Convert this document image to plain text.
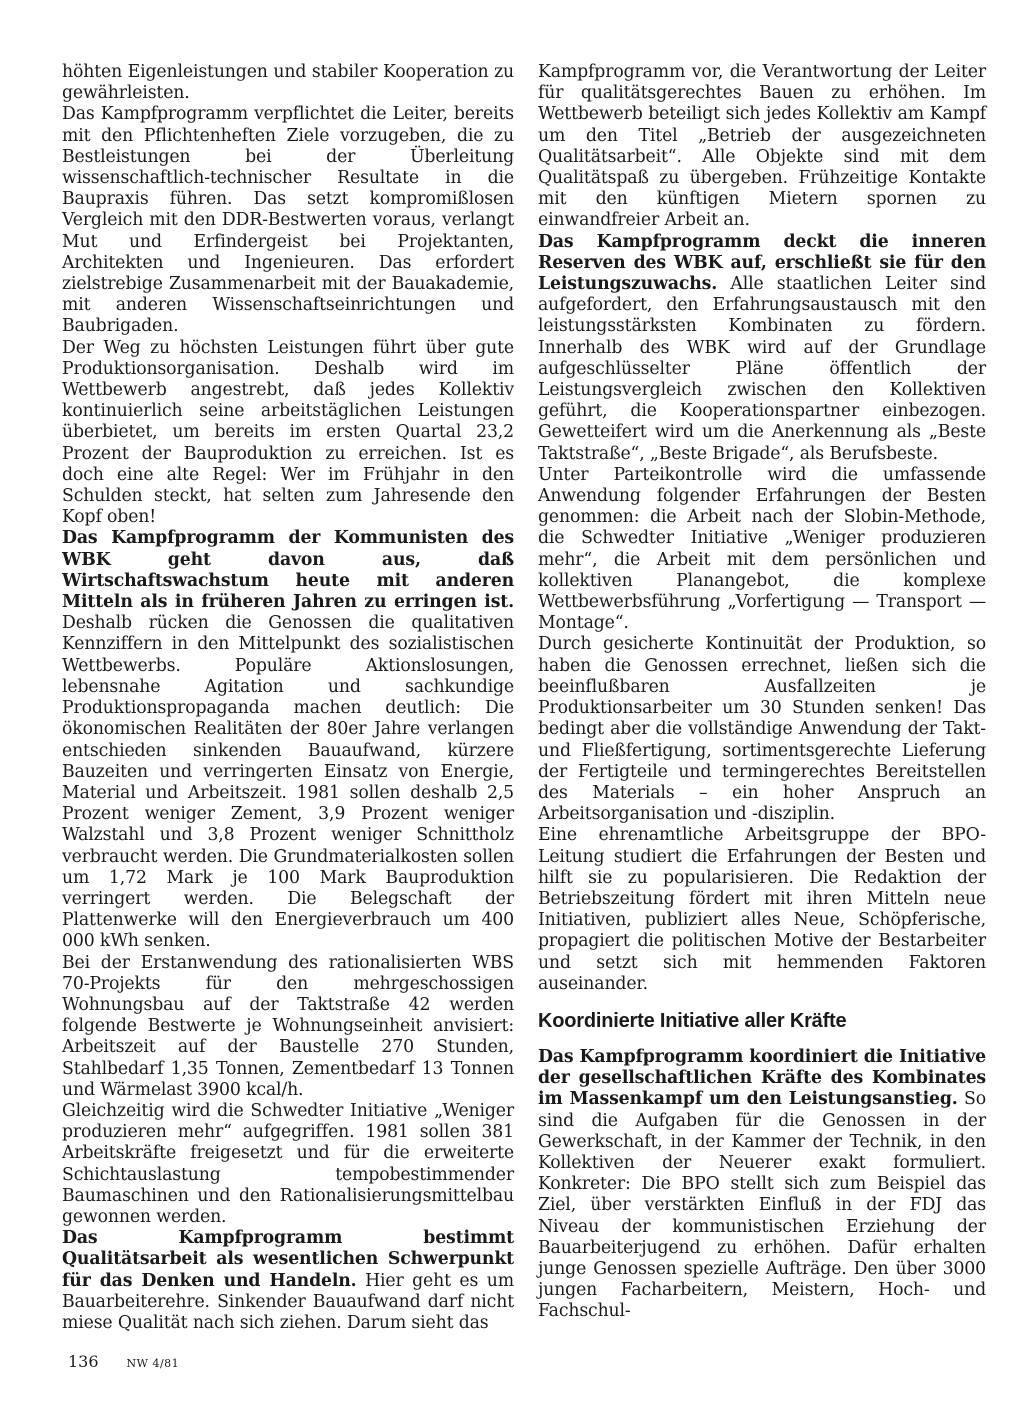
höhten Eigenleistungen und stabiler Kooperation zu gewährleisten.

Das Kampfprogramm verpflichtet die Leiter, bereits mit den Pflichtenheften Ziele vorzugeben, die zu Bestleistungen bei der Überleitung wissenschaftlich-technischer Resultate in die Baupraxis führen. Das setzt kompromißlosen Vergleich mit den DDR-Bestwerten voraus, verlangt Mut und Erfindergeist bei Projektanten, Architekten und Ingenieuren. Das erfordert zielstrebige Zusammenarbeit mit der Bauakademie, mit anderen Wissenschaftseinrichtungen und Baubrigaden.

Der Weg zu höchsten Leistungen führt über gute Produktionsorganisation. Deshalb wird im Wettbewerb angestrebt, daß jedes Kollektiv kontinuierlich seine arbeitstäglichen Leistungen überbietet, um bereits im ersten Quartal 23,2 Prozent der Bauproduktion zu erreichen. Ist es doch eine alte Regel: Wer im Frühjahr in den Schulden steckt, hat selten zum Jahresende den Kopf oben!

Das Kampfprogramm der Kommunisten des WBK geht davon aus, daß Wirtschaftswachstum heute mit anderen Mitteln als in früheren Jahren zu erringen ist. Deshalb rücken die Genossen die qualitativen Kennziffern in den Mittelpunkt des sozialistischen Wettbewerbs. Populäre Aktionslosungen, lebensnahe Agitation und sachkundige Produktionspropaganda machen deutlich: Die ökonomischen Realitäten der 80er Jahre verlangen entschieden sinkenden Bauaufwand, kürzere Bauzeiten und verringerten Einsatz von Energie, Material und Arbeitszeit. 1981 sollen deshalb 2,5 Prozent weniger Zement, 3,9 Prozent weniger Walzstahl und 3,8 Prozent weniger Schnittholz verbraucht werden. Die Grundmaterialkosten sollen um 1,72 Mark je 100 Mark Bauproduktion verringert werden. Die Belegschaft der Plattenwerke will den Energieverbrauch um 400 000 kWh senken.

Bei der Erstanwendung des rationalisierten WBS 70-Projekts für den mehrgeschossigen Wohnungsbau auf der Taktstraße 42 werden folgende Bestwerte je Wohnungseinheit anvisiert: Arbeitszeit auf der Baustelle 270 Stunden, Stahlbedarf 1,35 Tonnen, Zementbedarf 13 Tonnen und Wärmelast 3900 kcal/h.

Gleichzeitig wird die Schwedter Initiative „Weniger produzieren mehr“ aufgegriffen. 1981 sollen 381 Arbeitskräfte freigesetzt und für die erweiterte Schichtauslastung tempobestimmender Baumaschinen und den Rationalisierungsmittelbau gewonnen werden.

Das Kampfprogramm bestimmt Qualitätsarbeit als wesentlichen Schwerpunkt für das Denken und Handeln. Hier geht es um Bauarbeiterehre. Sinkender Bauaufwand darf nicht miese Qualität nach sich ziehen. Darum sieht das

Kampfprogramm vor, die Verantwortung der Leiter für qualitätsgerechtes Bauen zu erhöhen. Im Wettbewerb beteiligt sich jedes Kollektiv am Kampf um den Titel „Betrieb der ausgezeichneten Qualitätsarbeit“. Alle Objekte sind mit dem Qualitätspaß zu übergeben. Frühzeitige Kontakte mit den künftigen Mietern spornen zu einwandfreier Arbeit an.

Das Kampfprogramm deckt die inneren Reserven des WBK auf, erschließt sie für den Leistungszuwachs. Alle staatlichen Leiter sind aufgefordert, den Erfahrungsaustausch mit den leistungsstärksten Kombinaten zu fördern. Innerhalb des WBK wird auf der Grundlage aufgeschlüsselter Pläne öffentlich der Leistungsvergleich zwischen den Kollektiven geführt, die Kooperationspartner einbezogen. Gewetteifert wird um die Anerkennung als „Beste Taktstraße“, „Beste Brigade“, als Berufsbeste.

Unter Parteikontrolle wird die umfassende Anwendung folgender Erfahrungen der Besten genommen: die Arbeit nach der Slobin-Methode, die Schwedter Initiative „Weniger produzieren mehr“, die Arbeit mit dem persönlichen und kollektiven Planangebot, die komplexe Wettbewerbsführung „Vorfertigung — Transport — Montage“.

Durch gesicherte Kontinuität der Produktion, so haben die Genossen errechnet, ließen sich die beeinflußbaren Ausfallzeiten je Produktionsarbeiter um 30 Stunden senken! Das bedingt aber die vollständige Anwendung der Takt- und Fließfertigung, sortimentsgerechte Lieferung der Fertigteile und termingerechtes Bereitstellen des Materials – ein hoher Anspruch an Arbeitsorganisation und -disziplin.

Eine ehrenamtliche Arbeitsgruppe der BPO-Leitung studiert die Erfahrungen der Besten und hilft sie zu popularisieren. Die Redaktion der Betriebszeitung fördert mit ihren Mitteln neue Initiativen, publiziert alles Neue, Schöpferische, propagiert die politischen Motive der Bestarbeiter und setzt sich mit hemmenden Faktoren auseinander.

Koordinierte Initiative aller Kräfte

Das Kampfprogramm koordiniert die Initiative der gesellschaftlichen Kräfte des Kombinates im Massenkampf um den Leistungsanstieg. So sind die Aufgaben für die Genossen in der Gewerkschaft, in der Kammer der Technik, in den Kollektiven der Neuerer exakt formuliert. Konkreter: Die BPO stellt sich zum Beispiel das Ziel, über verstärkten Einfluß in der FDJ das Niveau der kommunistischen Erziehung der Bauarbeiterjugend zu erhöhen. Dafür erhalten junge Genossen spezielle Aufträge. Den über 3000 jungen Facharbeitern, Meistern, Hoch- und Fachschul-

136	NW 4/81
